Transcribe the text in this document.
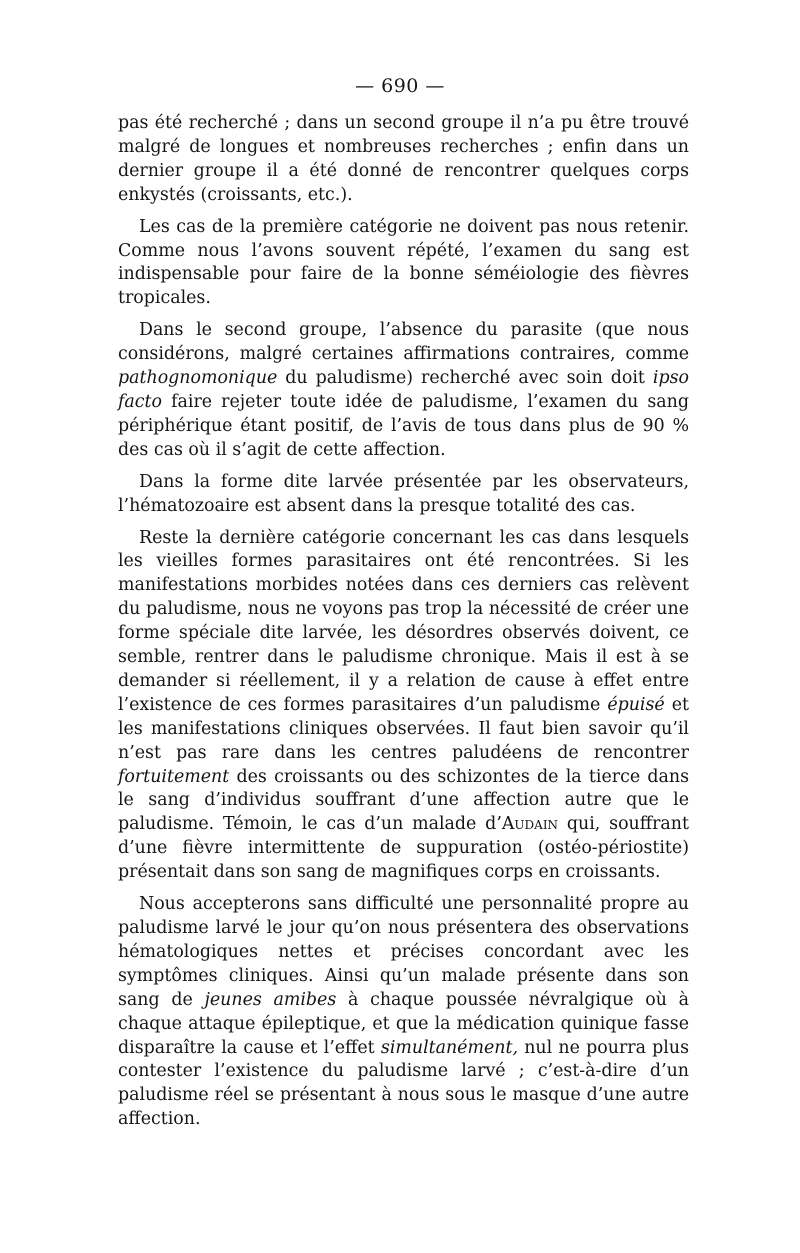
— 690 —

pas été recherché ; dans un second groupe il n’a pu être trouvé malgré de longues et nombreuses recherches ; enfin dans un dernier groupe il a été donné de rencontrer quelques corps enkystés (croissants, etc.).

Les cas de la première catégorie ne doivent pas nous retenir. Comme nous l’avons souvent répété, l’examen du sang est indispensable pour faire de la bonne séméiologie des fièvres tropicales.

Dans le second groupe, l’absence du parasite (que nous considérons, malgré certaines affirmations contraires, comme pathognomonique du paludisme) recherché avec soin doit ipso facto faire rejeter toute idée de paludisme, l’examen du sang périphérique étant positif, de l’avis de tous dans plus de 90 % des cas où il s’agit de cette affection.

Dans la forme dite larvée présentée par les observateurs, l’hématozoaire est absent dans la presque totalité des cas.

Reste la dernière catégorie concernant les cas dans lesquels les vieilles formes parasitaires ont été rencontrées. Si les manifestations morbides notées dans ces derniers cas relèvent du paludisme, nous ne voyons pas trop la nécessité de créer une forme spéciale dite larvée, les désordres observés doivent, ce semble, rentrer dans le paludisme chronique. Mais il est à se demander si réellement, il y a relation de cause à effet entre l’existence de ces formes parasitaires d’un paludisme épuisé et les manifestations cliniques observées. Il faut bien savoir qu’il n’est pas rare dans les centres paludéens de rencontrer fortuitement des croissants ou des schizontes de la tierce dans le sang d’individus souffrant d’une affection autre que le paludisme. Témoin, le cas d’un malade d’Audain qui, souffrant d’une fièvre intermittente de suppuration (ostéo-périostite) présentait dans son sang de magnifiques corps en croissants.

Nous accepterons sans difficulté une personnalité propre au paludisme larvé le jour qu’on nous présentera des observations hématologiques nettes et précises concordant avec les symptômes cliniques. Ainsi qu’un malade présente dans son sang de jeunes amibes à chaque poussée névralgique où à chaque attaque épileptique, et que la médication quinique fasse disparaître la cause et l’effet simultanément, nul ne pourra plus contester l’existence du paludisme larvé ; c’est-à-dire d’un paludisme réel se présentant à nous sous le masque d’une autre affection.
